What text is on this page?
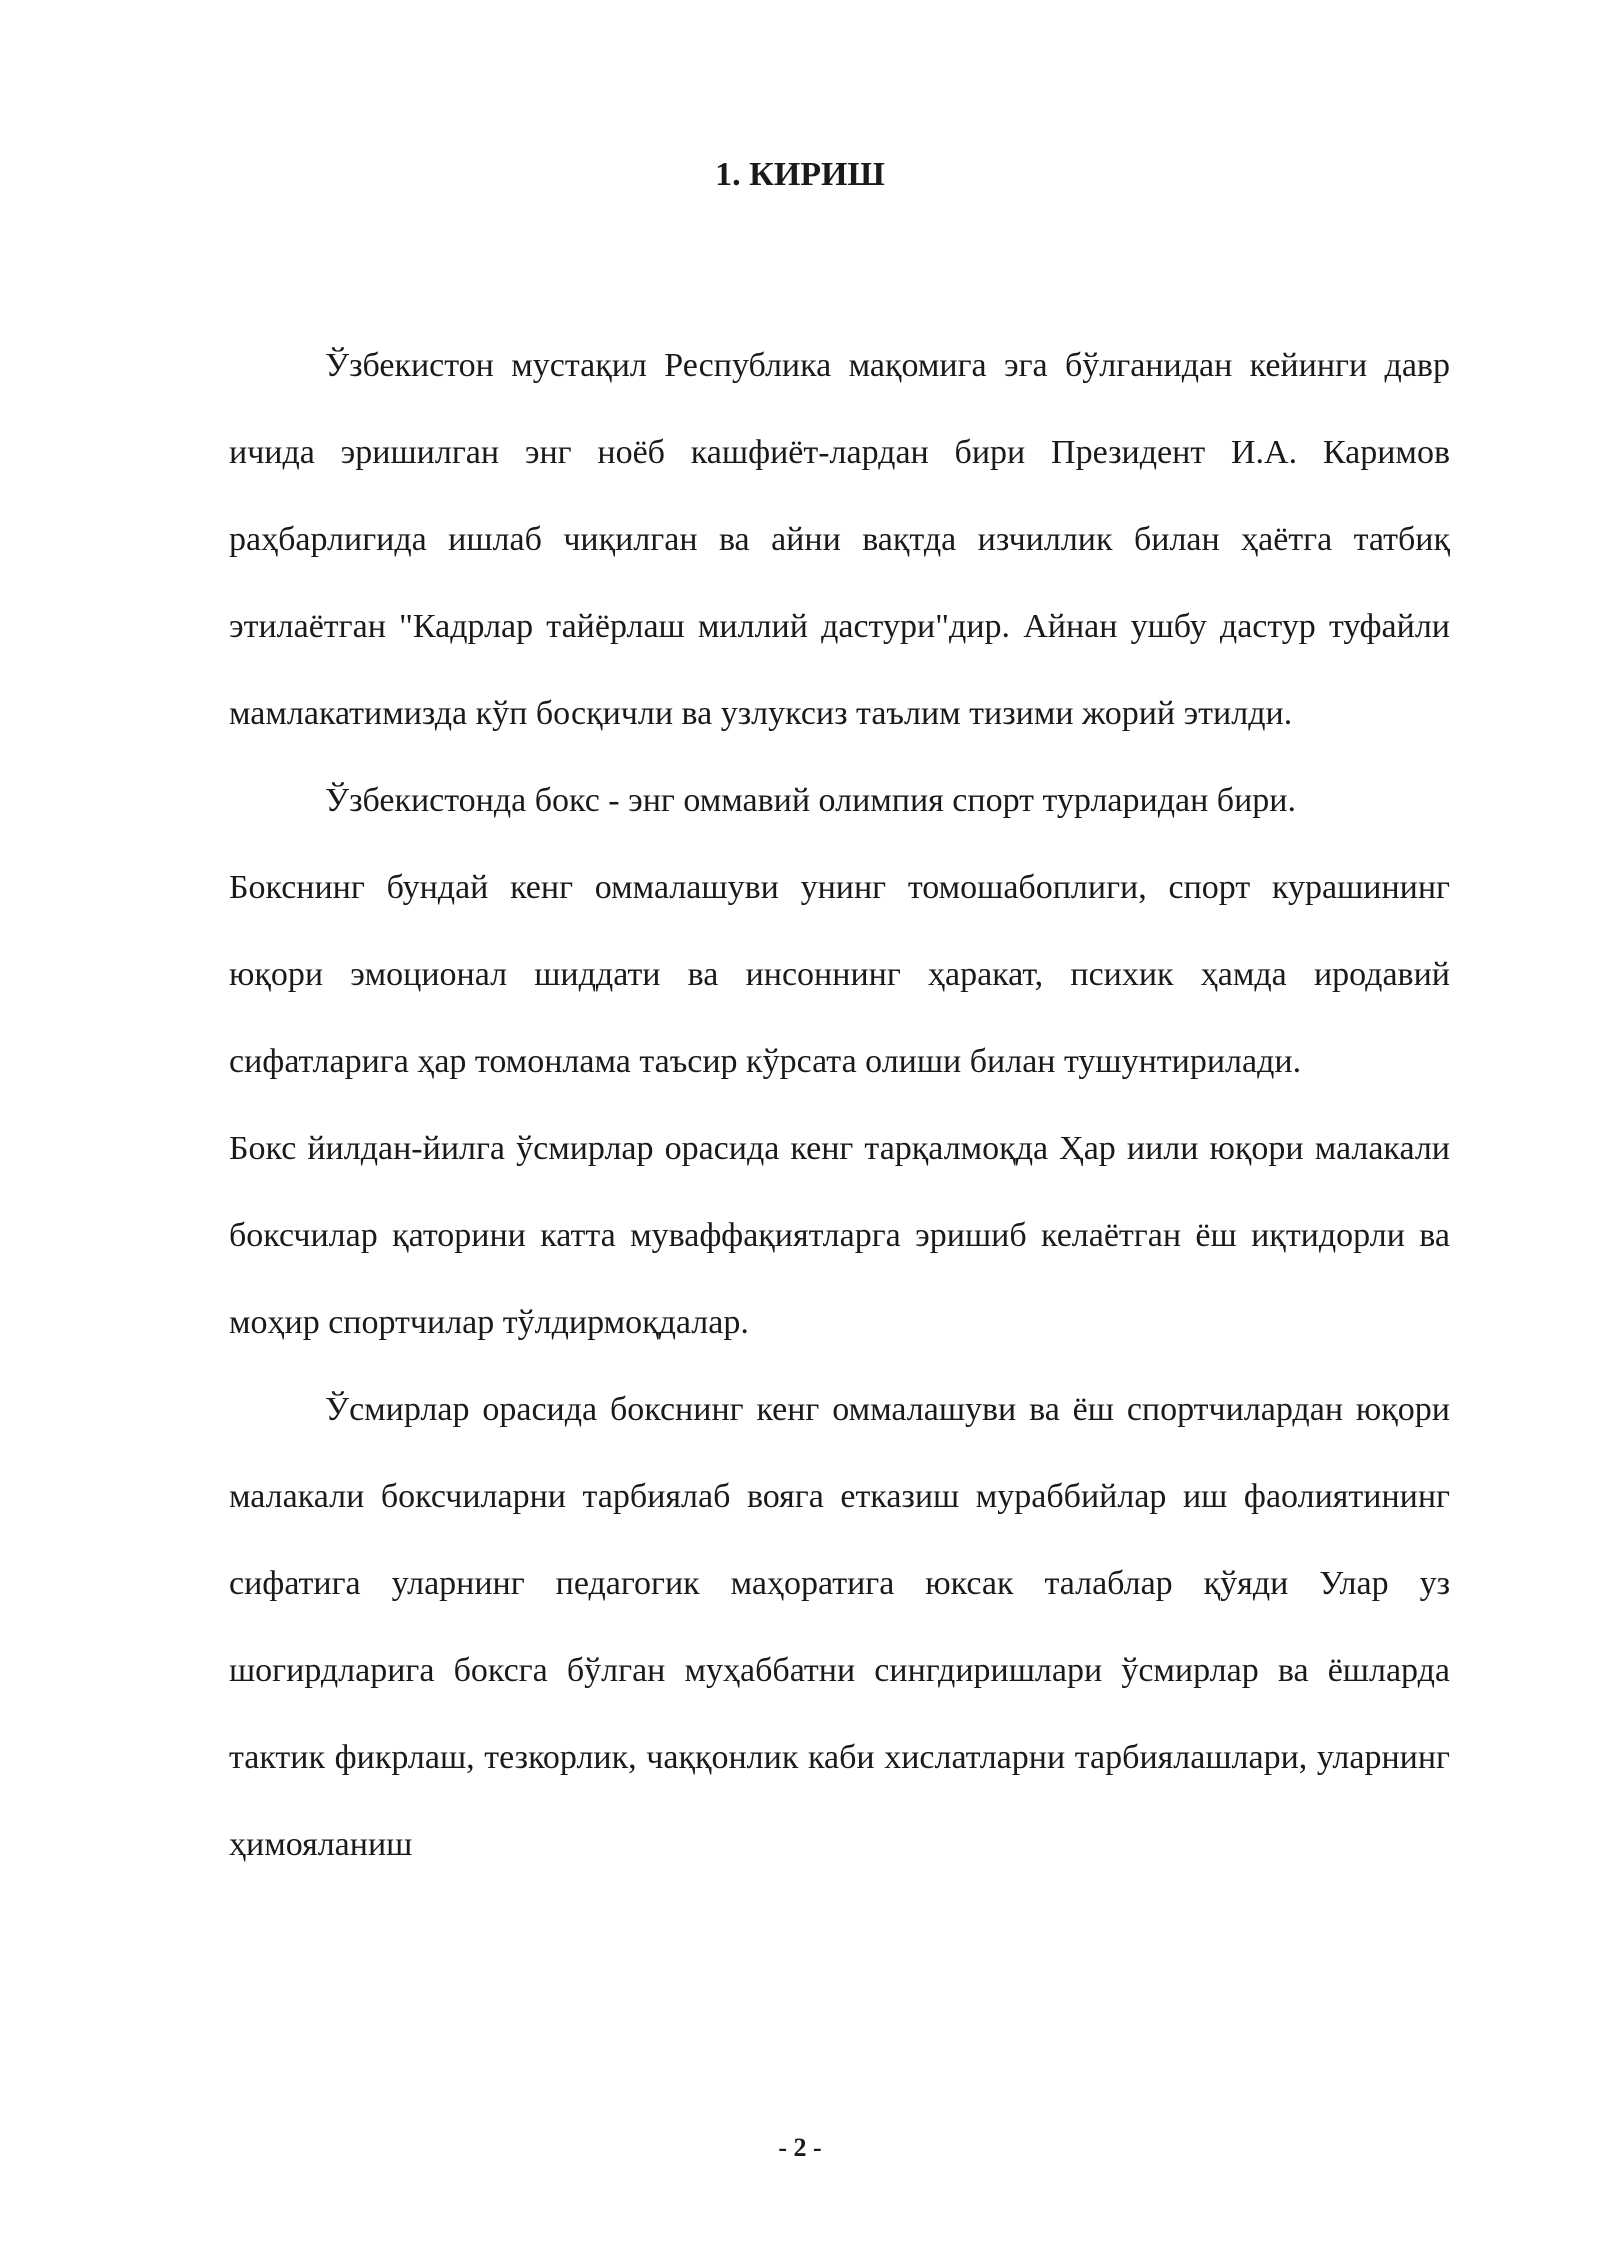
1. КИРИШ

Ўзбекистон мустақил Республика мақомига эга бўлганидан кейинги давр ичида эришилган энг ноёб кашфиёт-лардан бири Президент И.А. Каримов раҳбарлигида ишлаб чиқилган ва айни вақтда изчиллик билан ҳаётга татбиқ этилаётган "Кадрлар тайёрлаш миллий дастури"дир. Айнан ушбу дастур туфайли мамлакатимизда кўп босқичли ва узлуксиз таълим тизими жорий этилди.

Ўзбекистонда бокс - энг оммавий олимпия спорт турларидан бири.

Бокснинг бундай кенг оммалашуви унинг томошабоплиги, спорт курашининг юқори эмоционал шиддати ва инсоннинг ҳаракат, психик ҳамда иродавий сифатларига ҳар томонлама таъсир кўрсата олиши билан тушунтирилади.

Бокс йилдан-йилга ўсмирлар орасида кенг тарқалмоқда Ҳар иили юқори малакали боксчилар қаторини катта муваффақиятларга эришиб келаётган ёш иқтидорли ва моҳир спортчилар тўлдирмоқдалар.

Ўсмирлар орасида бокснинг кенг оммалашуви ва ёш спортчилардан юқори малакали боксчиларни тарбиялаб вояга етказиш мураббийлар иш фаолиятининг сифатига уларнинг педагогик маҳоратига юксак талаблар қўяди Улар уз шогирдларига боксга бўлган муҳаббатни сингдиришлари ўсмирлар ва ёшларда тактик фикрлаш, тезкорлик, чаққонлик каби хислатларни тарбиялашлари, уларнинг ҳимояланиш

- 2 -
